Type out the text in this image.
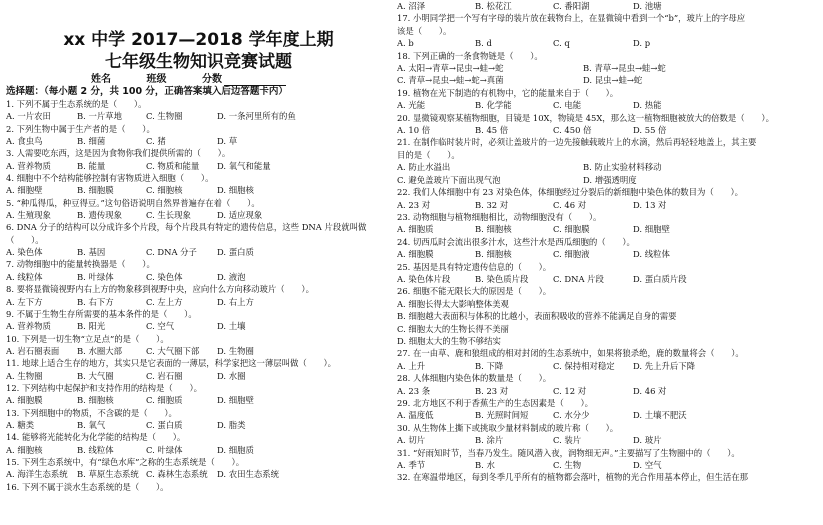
xx 中学 2017—2018 学年度上期
七年级生物知识竞赛试题
姓名	班级	分数
选择题：（每小题 2 分，共 100 分，正确答案填入后边答题卡内）
1. 下列不属于生态系统的是（　　）。
A. 一片农田	B. 一片草地	C. 生物圈	D. 一条河里所有的鱼
2. 下列生物中属于生产者的是（　　）。
A. 食虫鸟	B. 细菌	C. 猪	D. 草
3. 人需要吃东西，这是因为食物你我们提供所需的（　　）。
A. 营养物质	B. 能量	C. 物质和能量	D. 氧气和能量
4. 细胞中不个结构能够控制有害物质进入细胞（　　）。
A. 细胞壁	B. 细胞膜	C. 细胞核	D. 细胞核
5. “种瓜得瓜，种豆得豆。”这句俗语说明自然界普遍存在着（　　）。
A. 生殖现象	B. 遗传现象	C. 生长现象	D. 适应现象
6. DNA 分子的结构可以分成许多个片段，每个片段具有特定的遗传信息，这些 DNA 片段就叫做
（　　）。
A. 染色体	B. 基因	C. DNA 分子	D. 蛋白质
7. 动物细胞中的能量转换器是（　　）。
A. 线粒体	B. 叶绿体	C. 染色体	D. 液泡
8. 要将显微镜视野内右上方的物象移到视野中央，应向什么方向移动玻片（　　）。
A. 左下方	B. 右下方	C. 左上方	D. 右上方
9. 不属于生物生存所需要的基本条件的是（　　）。
A. 营养物质	B. 阳光	C. 空气	D. 土壤
10. 下列是一切生物“立足点”的是（　　）。
A. 岩石圈表面	B. 水圈大部	C. 大气圈下部	D. 生物圈
11. 地球上适合生存的地方，其实只是它表面的一薄层，科学家把这一薄层叫做（　　）。
A. 生物圈	B. 大气圈	C. 岩石圈	D. 水圈
12. 下列结构中起保护和支持作用的结构是（　　）。
A. 细胞膜	B. 细胞核	C. 细胞质	D. 细胞壁
13. 下列细胞中的物质，不含碳的是（　　）。
A. 糖类	B. 氧气	C. 蛋白质	D. 脂类
14. 能够将光能转化为化学能的结构是（　　）。
A. 细胞核	B. 线粒体	C. 叶绿体	D. 细胞质
15. 下列生态系统中，有“绿色水库”之称的生态系统是（　　）。
A. 海洋生态系统	B. 草原生态系统 C. 森林生态系统	D. 农田生态系统
16. 下列不属于淡水生态系统的是（　　）。
A. 沼泽	B. 松花江	C. 番阳湖	D. 池塘
17. 小明同学把一个写有字母的装片放在载物台上，在显微镜中看到一个“b”，玻片上的字母应
该是（　　）。
A. b	B. d	C. q	D. p
18. 下列正确的一条食物链是（　　）。
A. 太阳→青草→昆虫→蛙→蛇	B. 青草→昆虫→蛙→蛇
C. 青草→昆虫→蛙→蛇→真菌	D. 昆虫→蛙→蛇
19. 植物在光下制造的有机物中，它的能量来自于（　　）。
A. 光能	B. 化学能	C. 电能	D. 热能
20. 显微镜观察某植物细胞，目镜是 10X，物镜是 45X，那么这一植物细胞被放大的倍数是（　　）。
A. 10 倍	B. 45 倍	C. 450 倍	D. 55 倍
21. 在制作临时装片时，必须让盖玻片的一边先接触载玻片上的水滴，然后再轻轻地盖上，其主要
目的是（　　）。
A. 防止水溢出	B. 防止实验材料移动
C. 避免盖玻片下面出现气泡	D. 增强透明度
22. 我们人体细胞中有 23 对染色体，体细胞经过分裂后的新细胞中染色体的数目为（　　）。
A. 23 对	B. 32 对	C. 46 对	D. 13 对
23. 动物细胞与植物细胞相比，动物细胞没有（　　）。
A. 细胞质	B. 细胞核	C. 细胞膜	D. 细胞壁
24. 切西瓜时会流出很多汁水，这些汁水是西瓜细胞的（　　）。
A. 细胞膜	B. 细胞核	C. 细胞液	D. 线粒体
25. 基因是具有特定遗传信息的（　　）。
A. 染色体片段	B. 染色质片段	C. DNA 片段	D. 蛋白质片段
26. 细胞不能无限长大的原因是（　　）。
A. 细胞长得太大影响整体美观
B. 细胞越大表面积与体积的比越小，表面积吸收的营养不能满足自身的需要
C. 细胞太大的生物长得不美丽
D. 细胞太大的生物不够结实
27. 在一由草、鹿和狼组成的相对封闭的生态系统中，如果将狼杀绝，鹿的数量将会（　　）。
A. 上升	B. 下降	C. 保持相对稳定	D. 先上升后下降
28. 人体细胞内染色体的数量是（　　）。
A. 23 条	B. 23 对	C. 12 对	D. 46 对
29. 北方地区不利于香蕉生产的生态因素是（　　）。
A. 温度低	B. 光照时间短	C. 水分少	D. 土壤不肥沃
30. 从生物体上撕下或挑取少量材料制成的玻片称（　　）。
A. 切片	B. 涂片	C. 装片	D. 玻片
31. “好雨知时节，当春乃发生。随风潜入夜，润物细无声。”主要描写了生物圈中的（　　）。
A. 季节	B. 水	C. 生物	D. 空气
32. 在寒温带地区，每到冬季几乎所有的植物都会落叶，植物的光合作用基本停止，但生活在那
